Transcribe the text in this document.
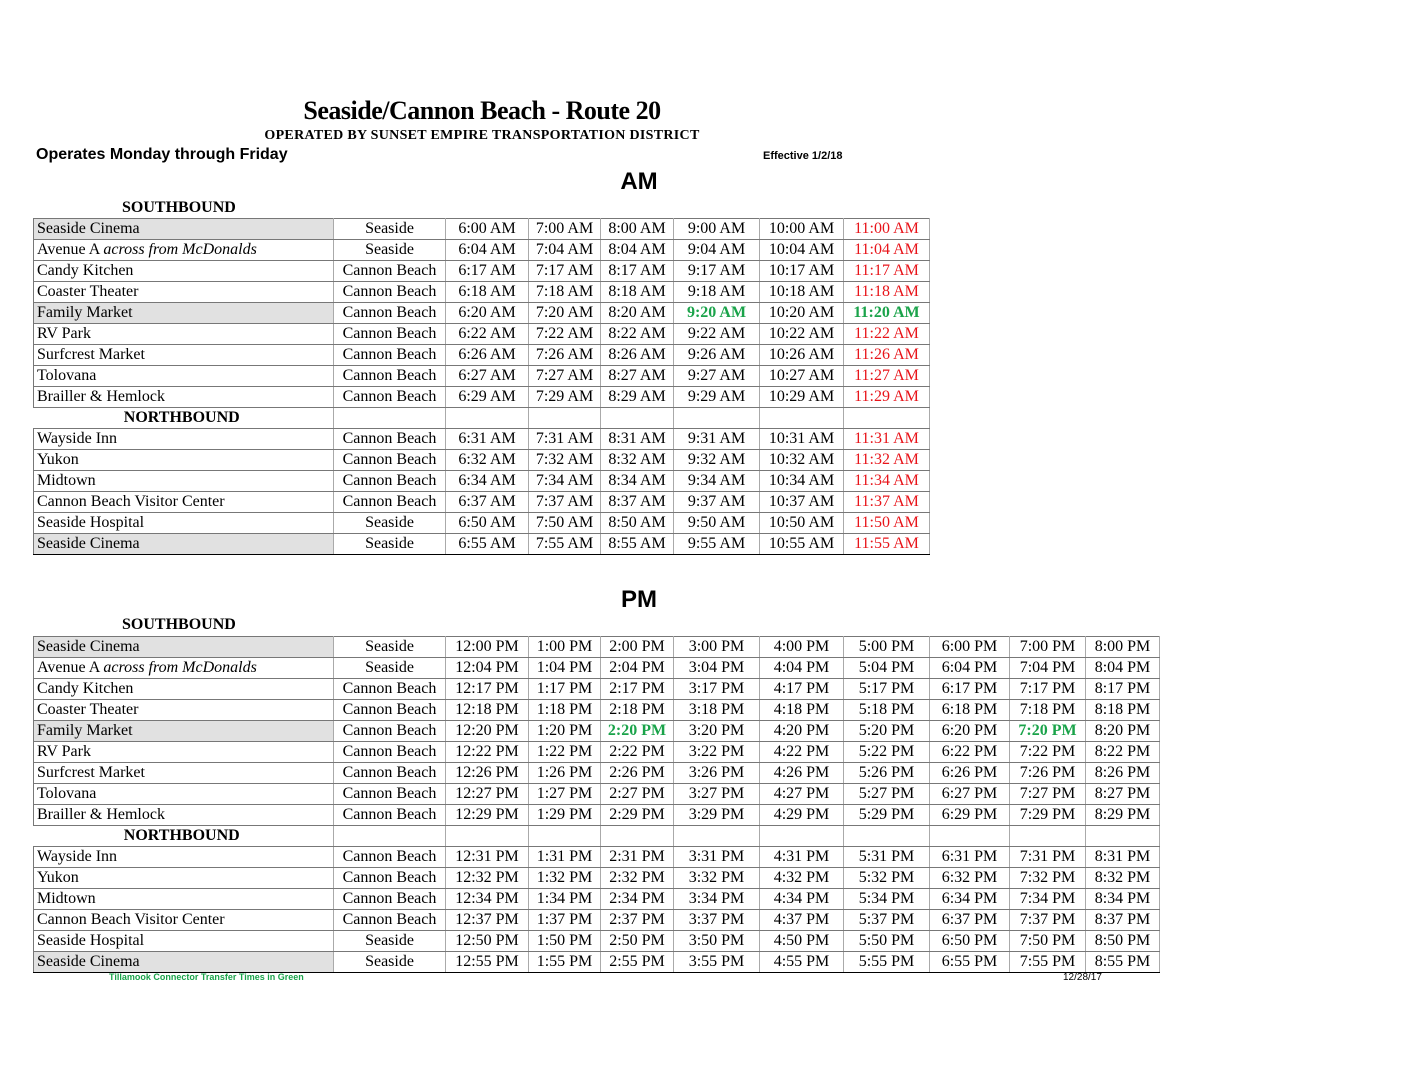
Seaside/Cannon Beach - Route 20
OPERATED BY SUNSET EMPIRE TRANSPORTATION DISTRICT
Operates Monday through Friday	Effective 1/2/18
AM
SOUTHBOUND
Seaside Cinema	Seaside	6:00 AM	7:00 AM	8:00 AM	9:00 AM	10:00 AM	11:00 AM
Avenue A across from McDonalds	Seaside	6:04 AM	7:04 AM	8:04 AM	9:04 AM	10:04 AM	11:04 AM
Candy Kitchen	Cannon Beach	6:17 AM	7:17 AM	8:17 AM	9:17 AM	10:17 AM	11:17 AM
Coaster Theater	Cannon Beach	6:18 AM	7:18 AM	8:18 AM	9:18 AM	10:18 AM	11:18 AM
Family Market	Cannon Beach	6:20 AM	7:20 AM	8:20 AM	9:20 AM	10:20 AM	11:20 AM
RV Park	Cannon Beach	6:22 AM	7:22 AM	8:22 AM	9:22 AM	10:22 AM	11:22 AM
Surfcrest Market	Cannon Beach	6:26 AM	7:26 AM	8:26 AM	9:26 AM	10:26 AM	11:26 AM
Tolovana	Cannon Beach	6:27 AM	7:27 AM	8:27 AM	9:27 AM	10:27 AM	11:27 AM
Brailler & Hemlock	Cannon Beach	6:29 AM	7:29 AM	8:29 AM	9:29 AM	10:29 AM	11:29 AM
NORTHBOUND							
Wayside Inn	Cannon Beach	6:31 AM	7:31 AM	8:31 AM	9:31 AM	10:31 AM	11:31 AM
Yukon	Cannon Beach	6:32 AM	7:32 AM	8:32 AM	9:32 AM	10:32 AM	11:32 AM
Midtown	Cannon Beach	6:34 AM	7:34 AM	8:34 AM	9:34 AM	10:34 AM	11:34 AM
Cannon Beach Visitor Center	Cannon Beach	6:37 AM	7:37 AM	8:37 AM	9:37 AM	10:37 AM	11:37 AM
Seaside Hospital	Seaside	6:50 AM	7:50 AM	8:50 AM	9:50 AM	10:50 AM	11:50 AM
Seaside Cinema	Seaside	6:55 AM	7:55 AM	8:55 AM	9:55 AM	10:55 AM	11:55 AM
PM
SOUTHBOUND
Seaside Cinema	Seaside	12:00 PM	1:00 PM	2:00 PM	3:00 PM	4:00 PM	5:00 PM	6:00 PM	7:00 PM	8:00 PM
Avenue A across from McDonalds	Seaside	12:04 PM	1:04 PM	2:04 PM	3:04 PM	4:04 PM	5:04 PM	6:04 PM	7:04 PM	8:04 PM
Candy Kitchen	Cannon Beach	12:17 PM	1:17 PM	2:17 PM	3:17 PM	4:17 PM	5:17 PM	6:17 PM	7:17 PM	8:17 PM
Coaster Theater	Cannon Beach	12:18 PM	1:18 PM	2:18 PM	3:18 PM	4:18 PM	5:18 PM	6:18 PM	7:18 PM	8:18 PM
Family Market	Cannon Beach	12:20 PM	1:20 PM	2:20 PM	3:20 PM	4:20 PM	5:20 PM	6:20 PM	7:20 PM	8:20 PM
RV Park	Cannon Beach	12:22 PM	1:22 PM	2:22 PM	3:22 PM	4:22 PM	5:22 PM	6:22 PM	7:22 PM	8:22 PM
Surfcrest Market	Cannon Beach	12:26 PM	1:26 PM	2:26 PM	3:26 PM	4:26 PM	5:26 PM	6:26 PM	7:26 PM	8:26 PM
Tolovana	Cannon Beach	12:27 PM	1:27 PM	2:27 PM	3:27 PM	4:27 PM	5:27 PM	6:27 PM	7:27 PM	8:27 PM
Brailler & Hemlock	Cannon Beach	12:29 PM	1:29 PM	2:29 PM	3:29 PM	4:29 PM	5:29 PM	6:29 PM	7:29 PM	8:29 PM
NORTHBOUND										
Wayside Inn	Cannon Beach	12:31 PM	1:31 PM	2:31 PM	3:31 PM	4:31 PM	5:31 PM	6:31 PM	7:31 PM	8:31 PM
Yukon	Cannon Beach	12:32 PM	1:32 PM	2:32 PM	3:32 PM	4:32 PM	5:32 PM	6:32 PM	7:32 PM	8:32 PM
Midtown	Cannon Beach	12:34 PM	1:34 PM	2:34 PM	3:34 PM	4:34 PM	5:34 PM	6:34 PM	7:34 PM	8:34 PM
Cannon Beach Visitor Center	Cannon Beach	12:37 PM	1:37 PM	2:37 PM	3:37 PM	4:37 PM	5:37 PM	6:37 PM	7:37 PM	8:37 PM
Seaside Hospital	Seaside	12:50 PM	1:50 PM	2:50 PM	3:50 PM	4:50 PM	5:50 PM	6:50 PM	7:50 PM	8:50 PM
Seaside Cinema	Seaside	12:55 PM	1:55 PM	2:55 PM	3:55 PM	4:55 PM	5:55 PM	6:55 PM	7:55 PM	8:55 PM
Tillamook Connector Transfer Times in Green	12/28/17
